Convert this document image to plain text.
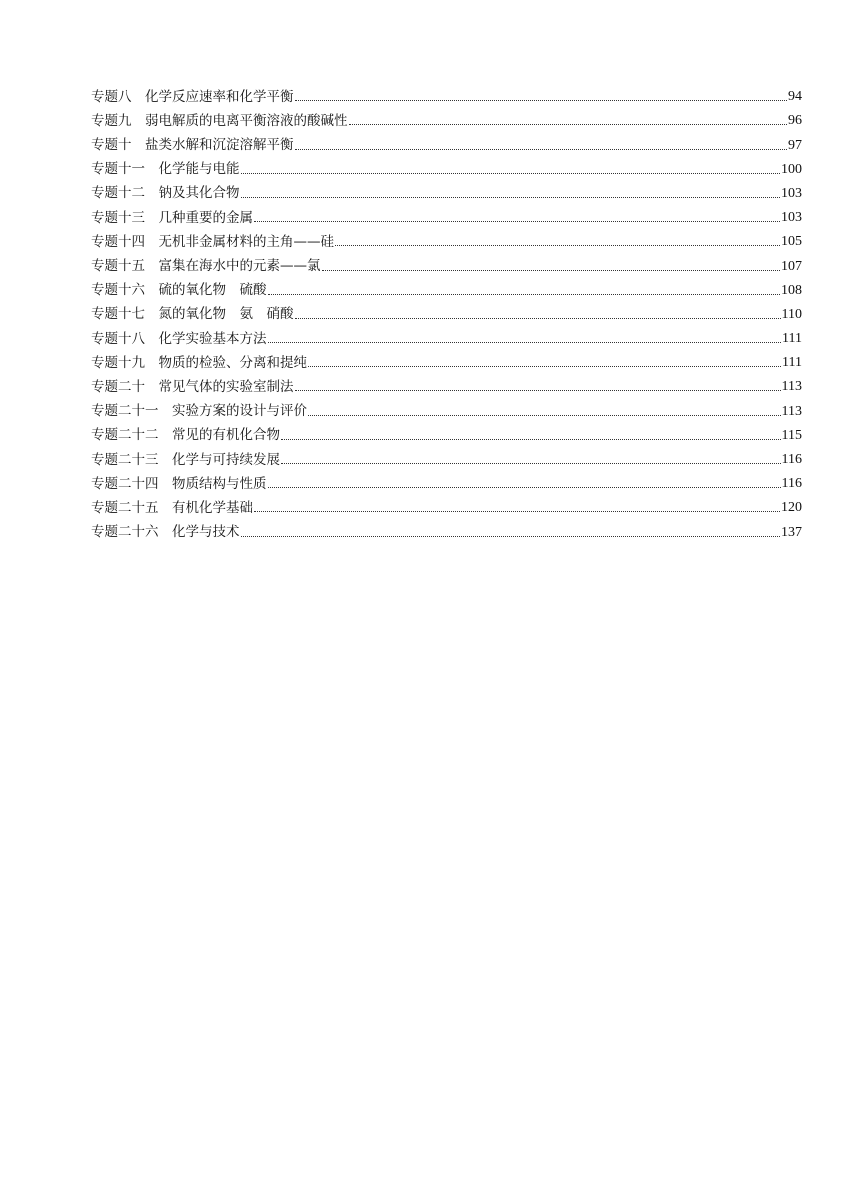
专题八　 化学反应速率和化学平衡	94
专题九　 弱电解质的电离平衡溶液的酸碱性	96
专题十　 盐类水解和沉淀溶解平衡	97
专题十一　 化学能与电能	100
专题十二　 钠及其化合物	103
专题十三　 几种重要的金属	103
专题十四　 无机非金属材料的主角——硅	105
专题十五　 富集在海水中的元素——氯	107
专题十六　 硫的氧化物　硫酸	108
专题十七　 氮的氧化物　氨　硝酸	110
专题十八　 化学实验基本方法	111
专题十九　 物质的检验、分离和提纯	111
专题二十　 常见气体的实验室制法	113
专题二十一　 实验方案的设计与评价	113
专题二十二　 常见的有机化合物	115
专题二十三　 化学与可持续发展	116
专题二十四　 物质结构与性质	116
专题二十五　 有机化学基础	120
专题二十六　 化学与技术	137
